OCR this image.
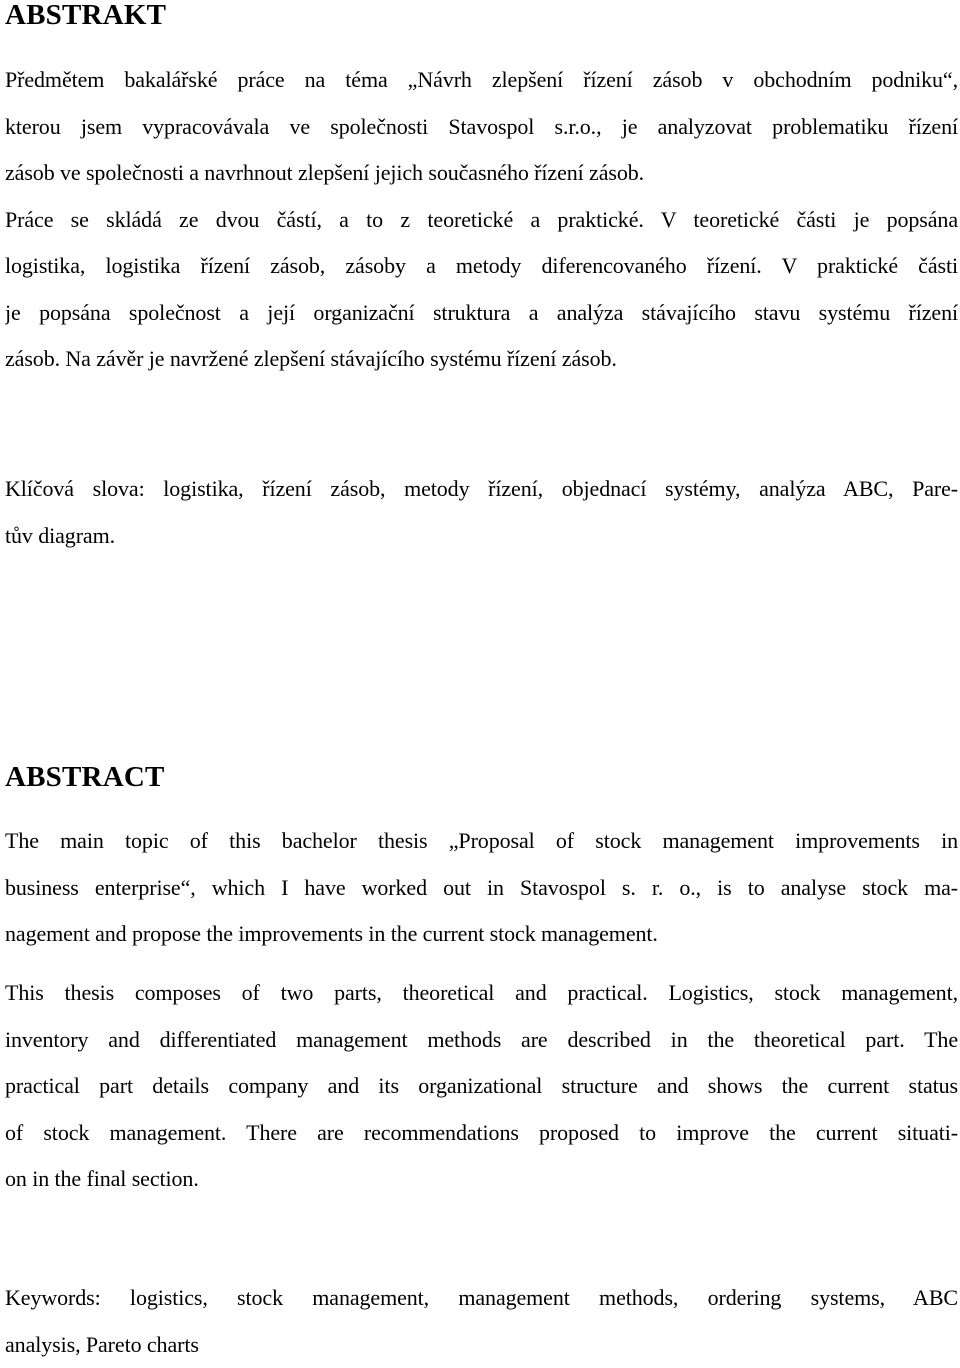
ABSTRAKT
Předmětem bakalářské práce na téma „Návrh zlepšení řízení zásob v obchodním podniku“,
kterou jsem vypracovávala ve společnosti Stavospol s.r.o., je analyzovat problematiku řízení
zásob ve společnosti a navrhnout zlepšení jejich současného řízení zásob.
Práce se skládá ze dvou částí, a to z teoretické a praktické. V teoretické části je popsána
logistika, logistika řízení zásob, zásoby a metody diferencovaného řízení. V praktické části
je popsána společnost a její organizační struktura a analýza stávajícího stavu systému řízení
zásob. Na závěr je navržené zlepšení stávajícího systému řízení zásob.
Klíčová slova: logistika, řízení zásob, metody řízení, objednací systémy, analýza ABC, Pare-
tův diagram.
ABSTRACT
The main topic of this bachelor thesis „Proposal of stock management improvements in
business enterprise“, which I have worked out in Stavospol s. r. o., is to analyse stock ma-
nagement and propose the improvements in the current stock management.
This thesis composes of two parts, theoretical and practical. Logistics, stock management,
inventory and differentiated management methods are described in the theoretical part. The
practical part details company and its organizational structure and shows the current status
of stock management. There are recommendations proposed to improve the current situati-
on in the final section.
Keywords: logistics, stock management, management methods, ordering systems, ABC
analysis, Pareto charts
